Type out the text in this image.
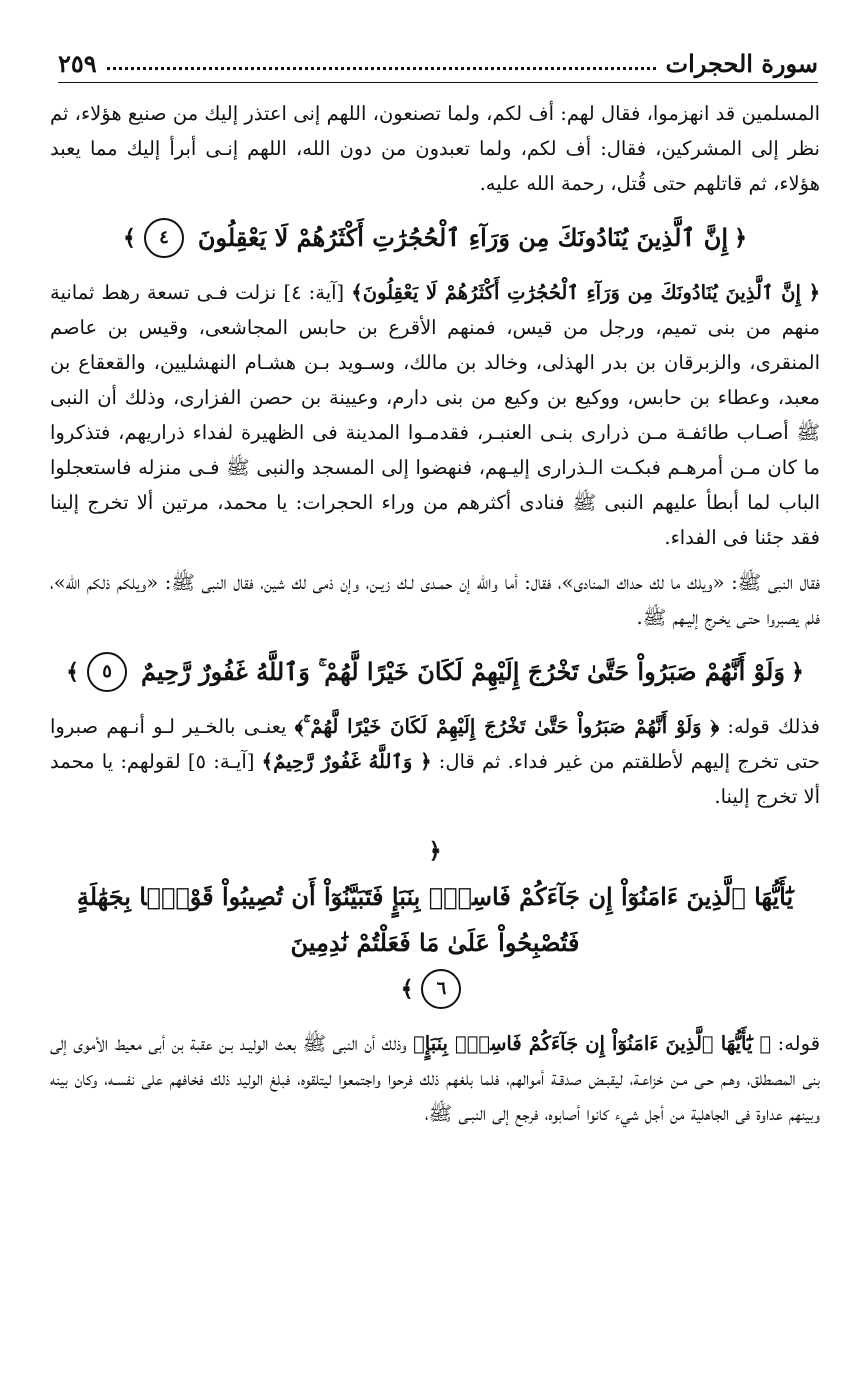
سورة الحجرات
٢٥٩

المسلمين قد انهزموا، فقال لهم: أف لكم، ولما تصنعون، اللهم إنى اعتذر إليك من صنيع هؤلاء، ثم نظر إلى المشركين، فقال: أف لكم، ولما تعبدون من دون الله، اللهم إنـى أبرأ إليك مما يعبد هؤلاء، ثم قاتلهم حتى قُتل، رحمة الله عليه.

﴿
إِنَّ ٱلَّذِينَ يُنَادُونَكَ مِن وَرَآءِ ٱلْحُجُرَٰتِ أَكْثَرُهُمْ لَا يَعْقِلُونَ
٤
﴾

﴿ إِنَّ ٱلَّذِينَ يُنَادُونَكَ مِن وَرَآءِ ٱلْحُجُرَٰتِ أَكْثَرُهُمْ لَا يَعْقِلُونَ﴾ [آية: ٤] نزلت فـى تسعة رهط ثمانية منهم من بنى تميم، ورجل من قيس، فمنهم الأقرع بن حابس المجاشعى، وقيس بن عاصم المنقرى، والزبرقان بن بدر الهذلى، وخالد بن مالك، وسـويد بـن هشـام النهشليين، والقعقاع بن معبد، وعطاء بن حابس، ووكيع بن وكيع من بنى دارم، وعيينة بن حصن الفزارى، وذلك أن النبى ﷺ أصـاب طائفـة مـن ذرارى بنـى العنبـر، فقدمـوا المدينة فى الظهيرة لفداء ذراريهم، فتذكروا ما كان مـن أمرهـم فبكـت الـذرارى إليـهم، فنهضوا إلى المسجد والنبى ﷺ فـى منزله فاستعجلوا الباب لما أبطأ عليهم النبى ﷺ فنادى أكثرهم من وراء الحجرات: يا محمد، مرتين ألا تخرج إلينا فقد جئنا فى الفداء.

فقال النبى ﷺ: «ويلك ما لك حداك المنادى»، فقال: أما والله إن حمـدى لـك زيـن، وإن ذمى لك شين، فقال النبى ﷺ: «ويلكم ذلكم الله»، فلم يصبروا حتـى يخـرج إليـهم ﷺ.

﴿
وَلَوْ أَنَّهُمْ صَبَرُواْ حَتَّىٰ تَخْرُجَ إِلَيْهِمْ لَكَانَ خَيْرًا لَّهُمْ ۚ وَٱللَّهُ غَفُورٌ رَّحِيمٌ
٥
﴾

فذلك قوله: ﴿ وَلَوْ أَنَّهُمْ صَبَرُواْ حَتَّىٰ تَخْرُجَ إِلَيْهِمْ لَكَانَ خَيْرًا لَّهُمْ ۚ﴾ يعنـى بالخـير لـو أنـهم صبروا حتى تخرج إليهم لأطلقتم من غير فداء. ثم قال: ﴿ وَٱللَّهُ غَفُورٌ رَّحِيمٌ﴾ [آيـة: ٥] لقولهم: يا محمد ألا تخرج إلينا.

﴿
يَٰٓأَيُّهَا ٱلَّذِينَ ءَامَنُوٓاْ إِن جَآءَكُمْ فَاسِقٌۢ بِنَبَإٍ فَتَبَيَّنُوٓاْ أَن تُصِيبُواْ قَوْمًۢا بِجَهَٰلَةٍ فَتُصْبِحُواْ عَلَىٰ مَا فَعَلْتُمْ نَٰدِمِينَ
٦
﴾

قوله: ﴿ يَٰٓأَيُّهَا ٱلَّذِينَ ءَامَنُوٓاْ إِن جَآءَكُمْ فَاسِقٌۢ بِنَبَإٍ﴾ وذلك أن النبى ﷺ بعث الوليـد بـن عقبة بن أبى معيط الأموى إلى بنى المصطلق، وهـم حـى مـن خزاعـة، ليقبـض صدقـة أموالهم، فلما بلغهم ذلك فرحوا واجتمعوا ليتلقوه، فبلغ الوليد ذلك فخافهم على نفسـه، وكان بينه وبينهم عداوة فى الجاهلية من أجل شيء كانوا أصابوه، فرجع إلى النبـى ﷺ،
